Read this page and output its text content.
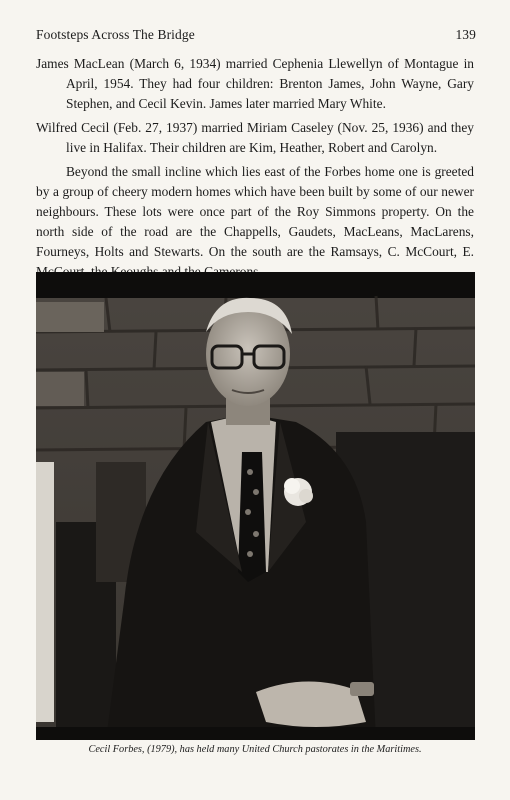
Footsteps Across The Bridge	139

James MacLean (March 6, 1934) married Cephenia Llewellyn of Montague in April, 1954. They had four children: Brenton James, John Wayne, Gary Stephen, and Cecil Kevin. James later married Mary White.

Wilfred Cecil (Feb. 27, 1937) married Miriam Caseley (Nov. 25, 1936) and they live in Halifax. Their children are Kim, Heather, Robert and Carolyn.

Beyond the small incline which lies east of the Forbes home one is greeted by a group of cheery modern homes which have been built by some of our newer neighbours. These lots were once part of the Roy Simmons property. On the north side of the road are the Chappells, Gaudets, MacLeans, MacLarens, Fourneys, Holts and Stewarts. On the south are the Ramsays, C. McCourt, E.

Cecil Forbes, (1979), has held many United Church pastorates in the Maritimes.
